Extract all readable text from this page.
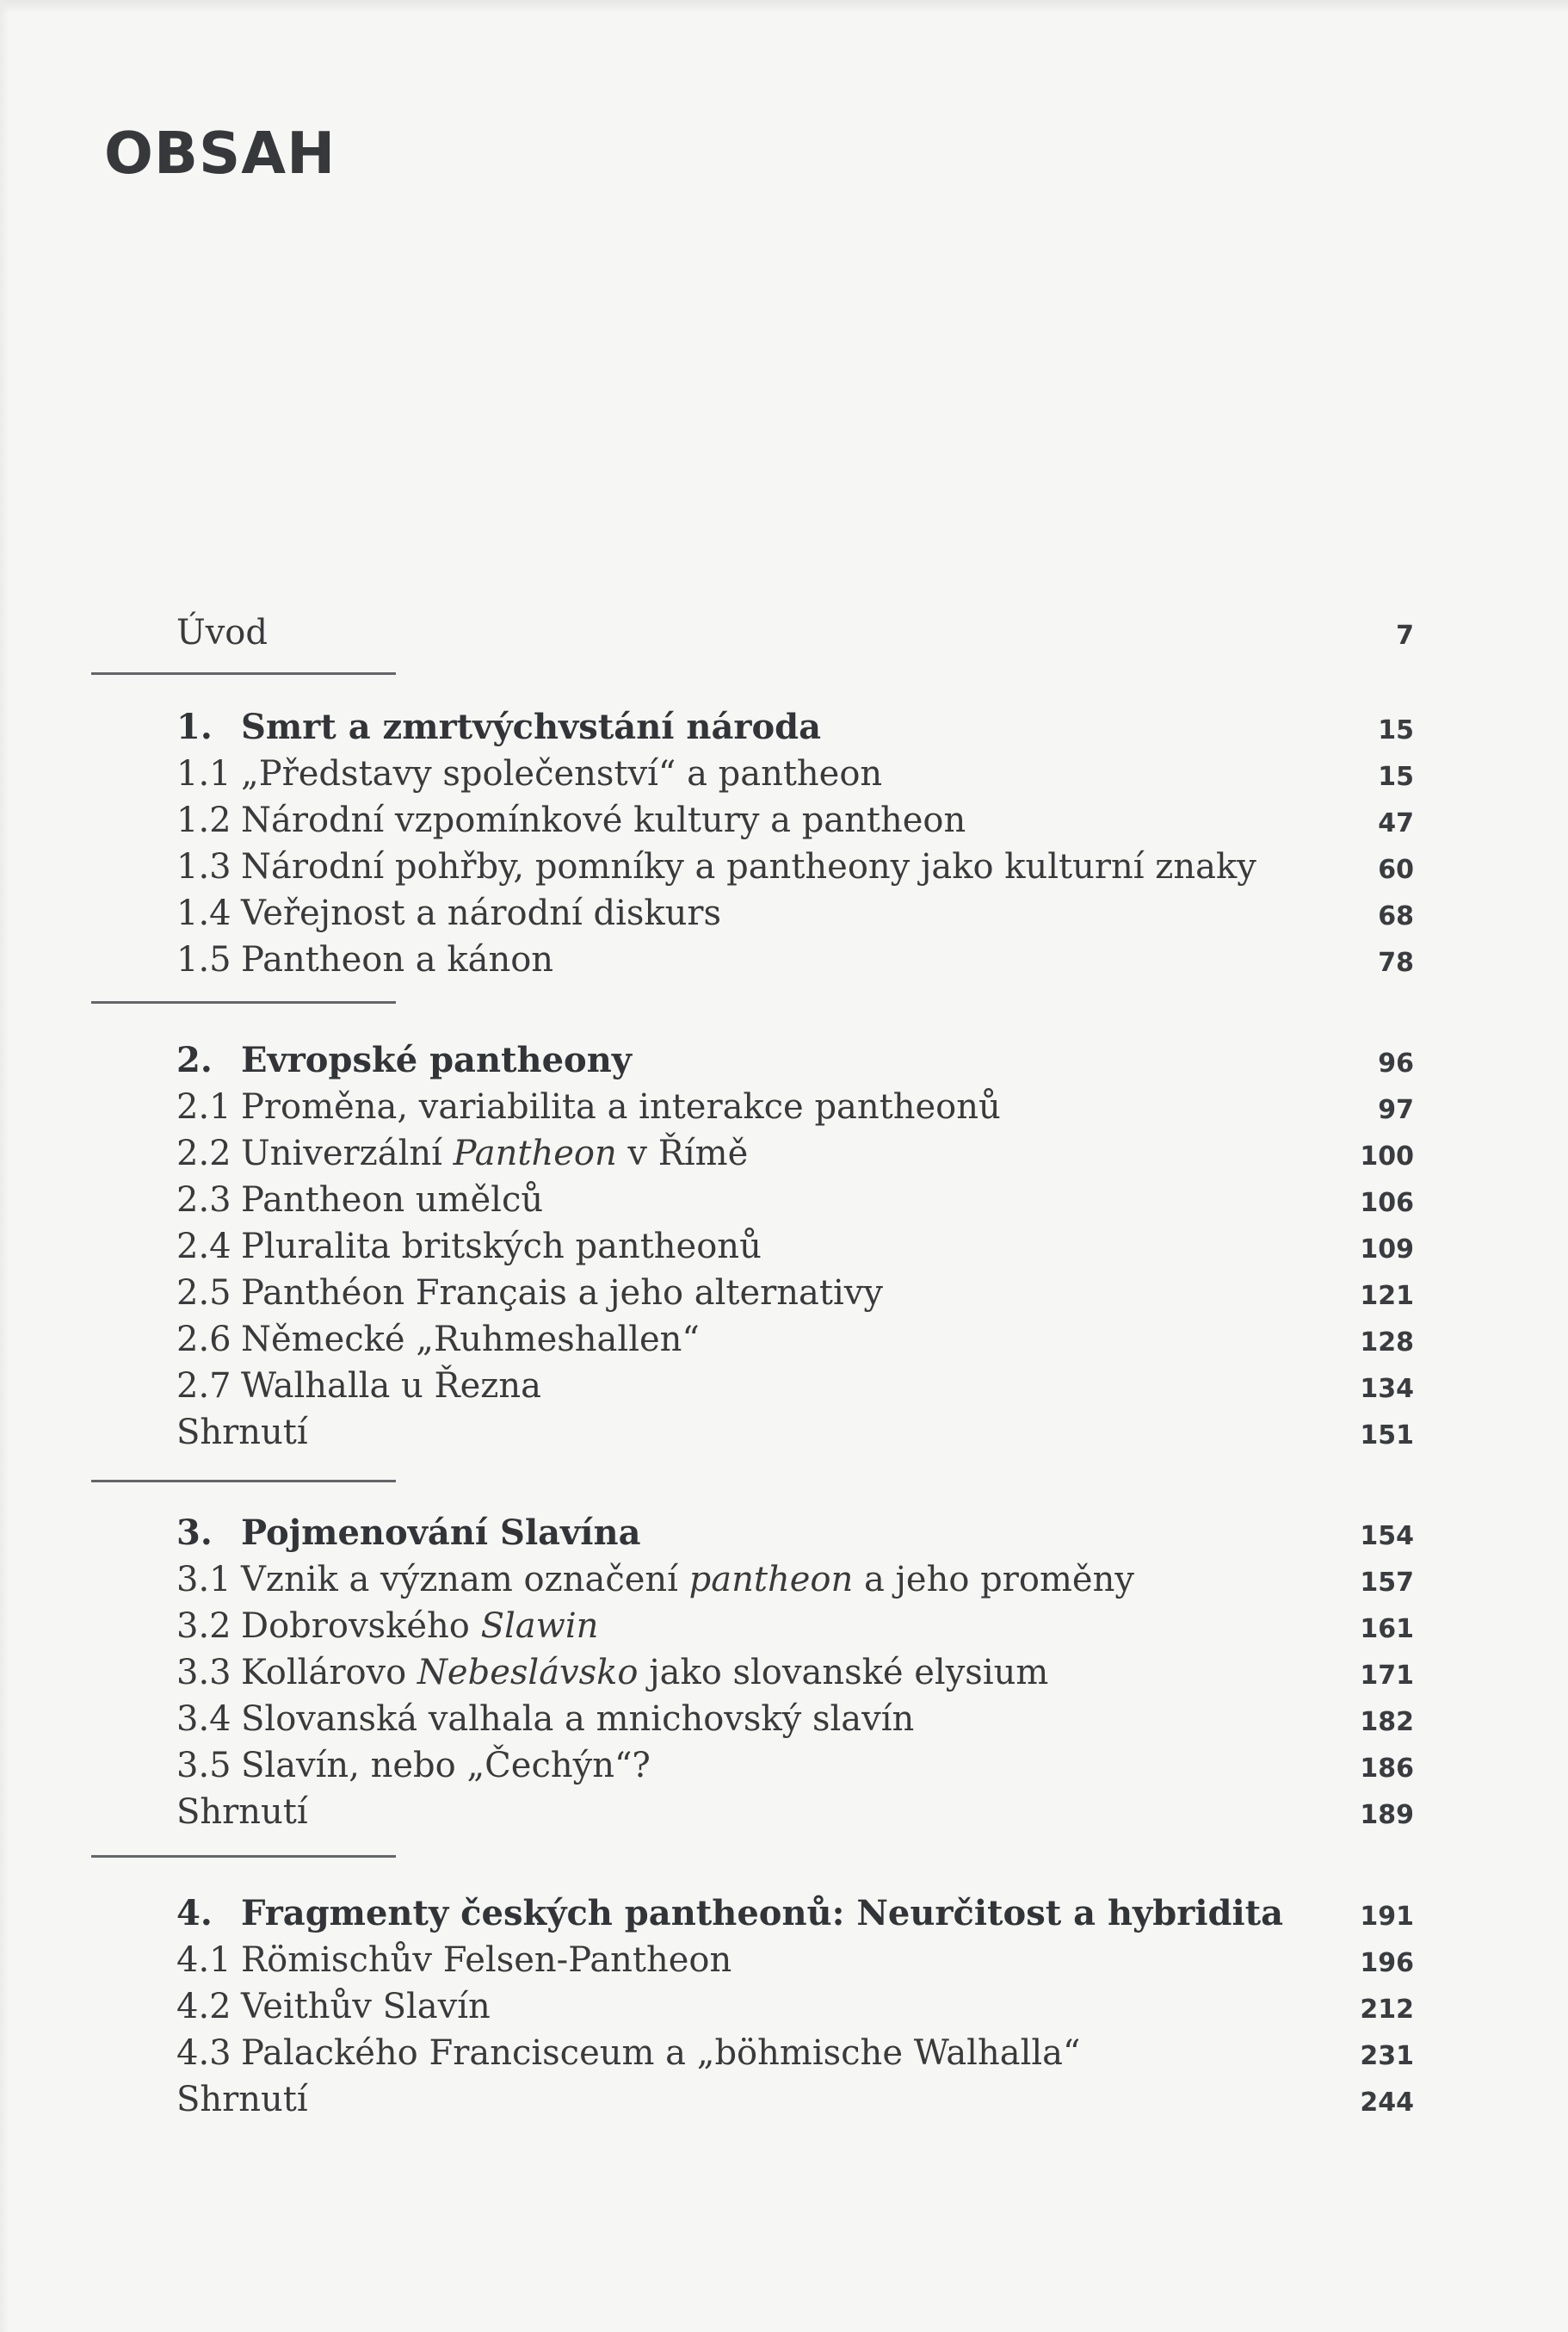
OBSAH
Úvod	7
1. Smrt a zmrtvýchvstání národa	15
1.1 „Představy společenství“ a pantheon	15
1.2 Národní vzpomínkové kultury a pantheon	47
1.3 Národní pohřby, pomníky a pantheony jako kulturní znaky	60
1.4 Veřejnost a národní diskurs	68
1.5 Pantheon a kánon	78
2. Evropské pantheony	96
2.1 Proměna, variabilita a interakce pantheonů	97
2.2 Univerzální Pantheon v Římě	100
2.3 Pantheon umělců	106
2.4 Pluralita britských pantheonů	109
2.5 Panthéon Français a jeho alternativy	121
2.6 Německé „Ruhmeshallen“	128
2.7 Walhalla u Řezna	134
Shrnutí	151
3. Pojmenování Slavína	154
3.1 Vznik a význam označení pantheon a jeho proměny	157
3.2 Dobrovského Slawin	161
3.3 Kollárovo Nebeslávsko jako slovanské elysium	171
3.4 Slovanská valhala a mnichovský slavín	182
3.5 Slavín, nebo „Čechýn“?	186
Shrnutí	189
4. Fragmenty českých pantheonů: Neurčitost a hybridita	191
4.1 Römischův Felsen-Pantheon	196
4.2 Veithův Slavín	212
4.3 Palackého Francisceum a „böhmische Walhalla“	231
Shrnutí	244
